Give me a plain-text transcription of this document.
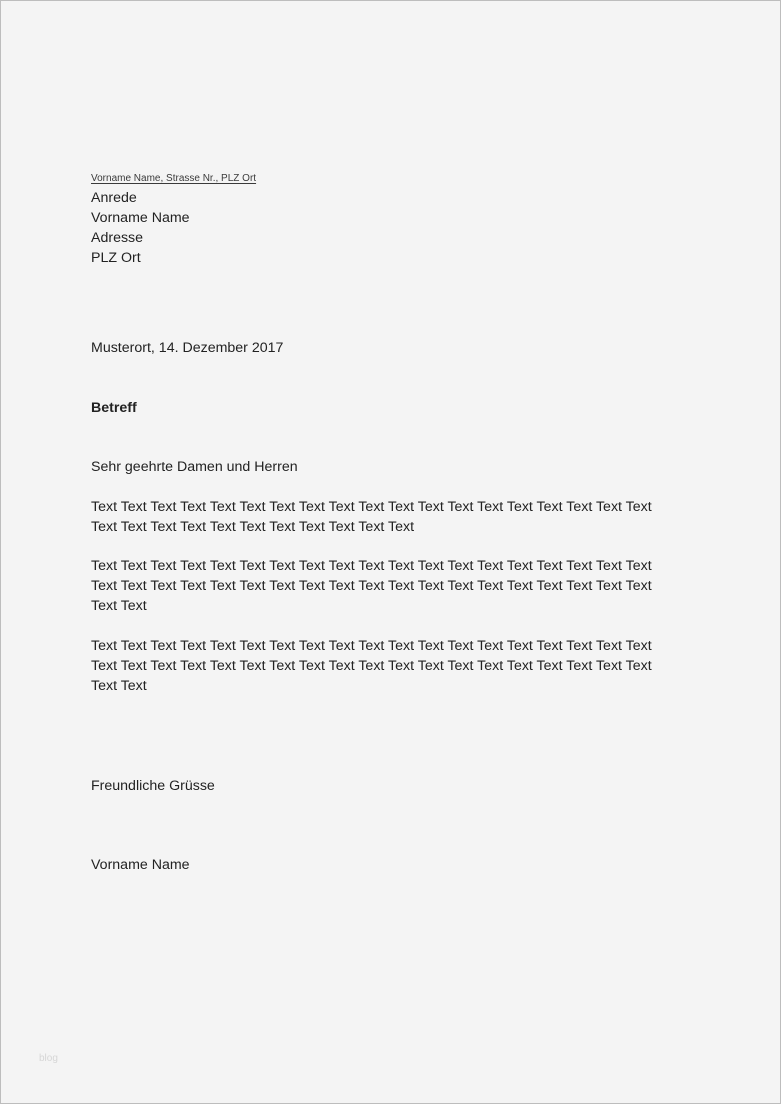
Vorname Name, Strasse Nr., PLZ Ort
Anrede
Vorname Name
Adresse
PLZ Ort
Musterort, 14. Dezember 2017
Betreff
Sehr geehrte Damen und Herren
Text Text Text Text Text Text Text Text Text Text Text Text Text Text Text Text Text Text Text
Text Text Text Text Text Text Text Text Text Text Text
Text Text Text Text Text Text Text Text Text Text Text Text Text Text Text Text Text Text Text
Text Text Text Text Text Text Text Text Text Text Text Text Text Text Text Text Text Text Text
Text Text
Text Text Text Text Text Text Text Text Text Text Text Text Text Text Text Text Text Text Text
Text Text Text Text Text Text Text Text Text Text Text Text Text Text Text Text Text Text Text
Text Text
Freundliche Grüsse
Vorname Name
blog
